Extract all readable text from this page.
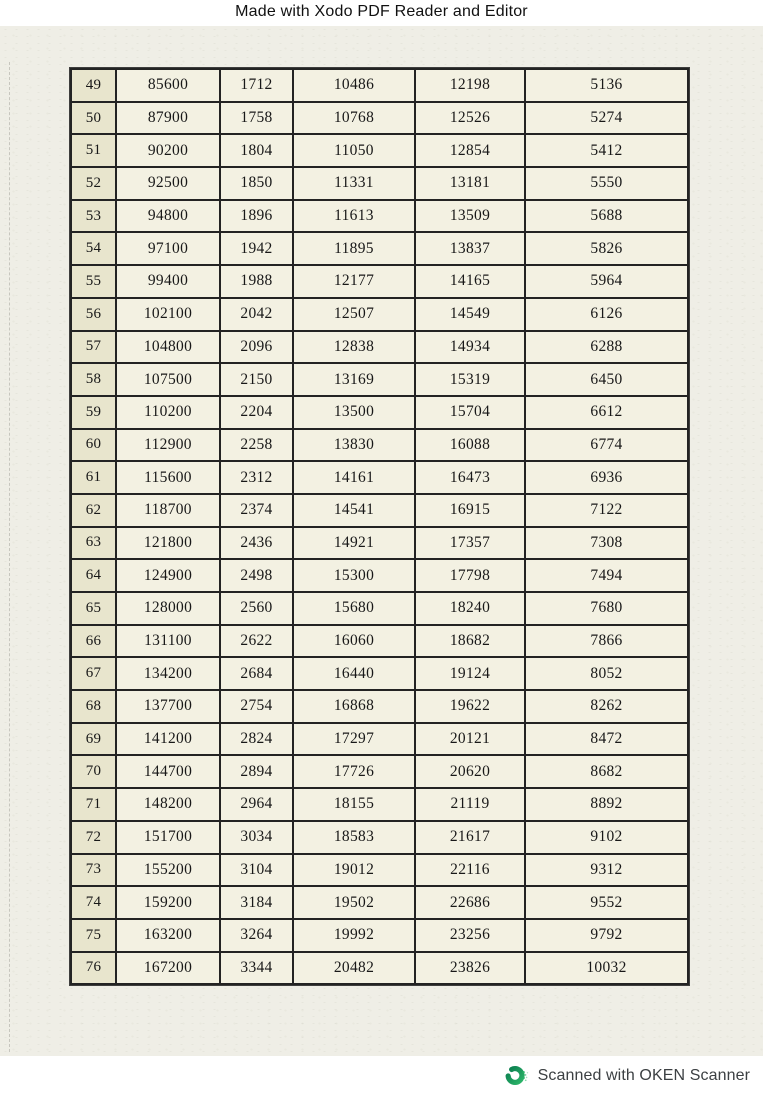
Made with Xodo PDF Reader and Editor
49	85600	1712	10486	12198	5136
50	87900	1758	10768	12526	5274
51	90200	1804	11050	12854	5412
52	92500	1850	11331	13181	5550
53	94800	1896	11613	13509	5688
54	97100	1942	11895	13837	5826
55	99400	1988	12177	14165	5964
56	102100	2042	12507	14549	6126
57	104800	2096	12838	14934	6288
58	107500	2150	13169	15319	6450
59	110200	2204	13500	15704	6612
60	112900	2258	13830	16088	6774
61	115600	2312	14161	16473	6936
62	118700	2374	14541	16915	7122
63	121800	2436	14921	17357	7308
64	124900	2498	15300	17798	7494
65	128000	2560	15680	18240	7680
66	131100	2622	16060	18682	7866
67	134200	2684	16440	19124	8052
68	137700	2754	16868	19622	8262
69	141200	2824	17297	20121	8472
70	144700	2894	17726	20620	8682
71	148200	2964	18155	21119	8892
72	151700	3034	18583	21617	9102
73	155200	3104	19012	22116	9312
74	159200	3184	19502	22686	9552
75	163200	3264	19992	23256	9792
76	167200	3344	20482	23826	10032
Scanned with OKEN Scanner
